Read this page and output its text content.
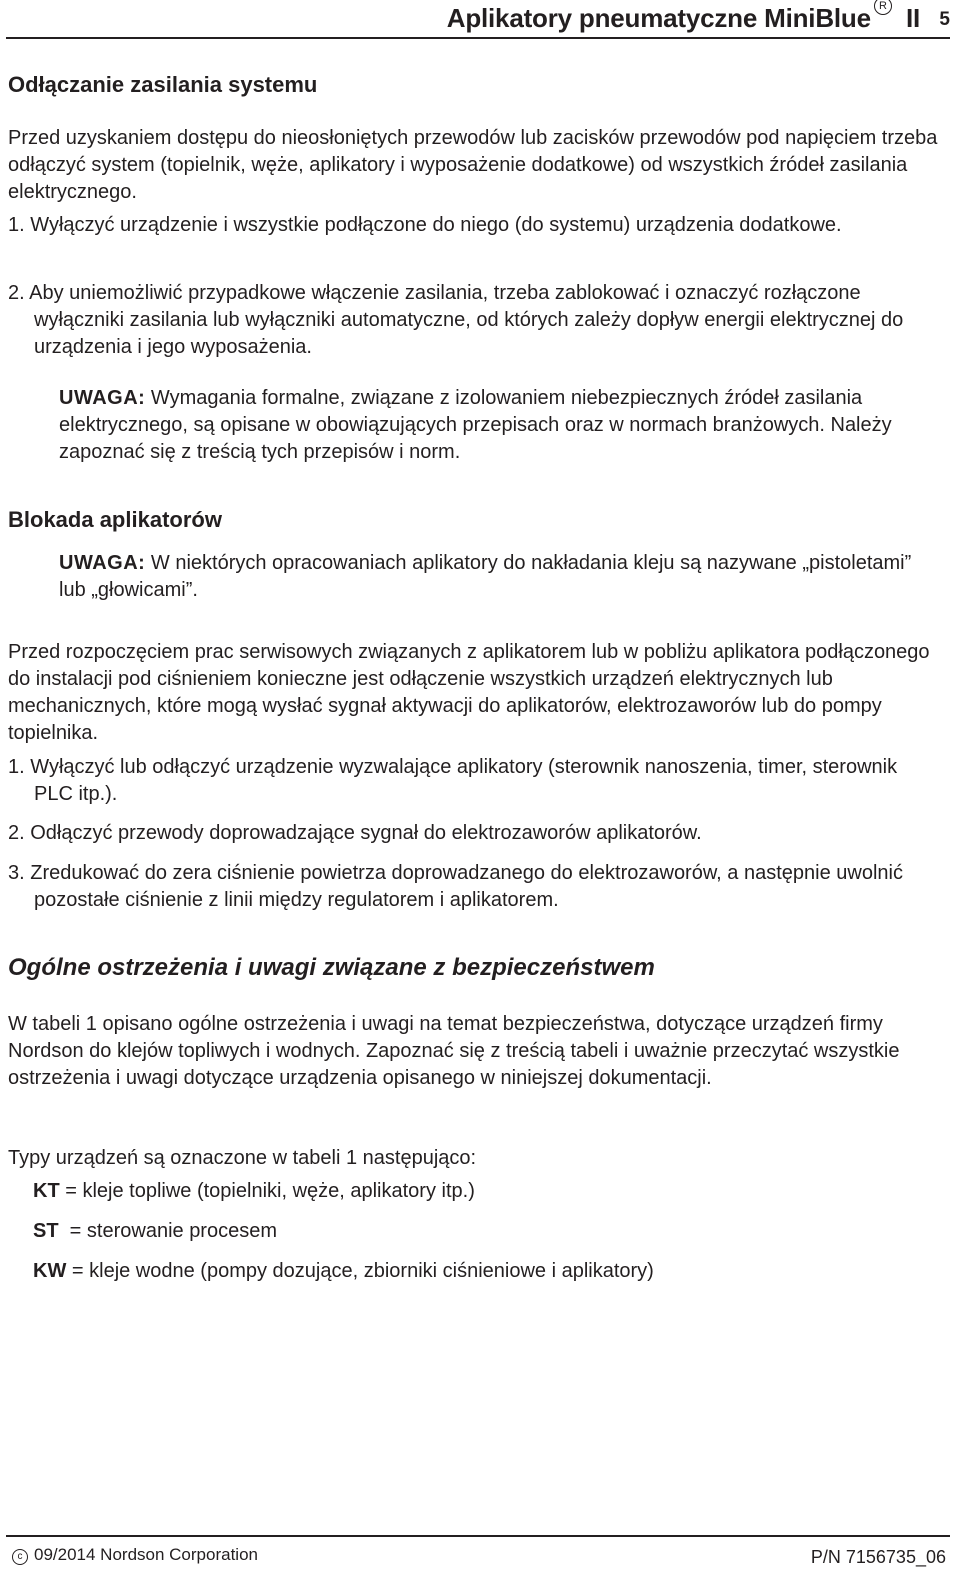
Aplikatory pneumatyczne MiniBlue R II 5
Odłączanie zasilania systemu

Przed uzyskaniem dostępu do nieosłoniętych przewodów lub zacisków przewodów pod napięciem trzeba odłączyć system (topielnik, węże, aplikatory i wyposażenie dodatkowe) od wszystkich źródeł zasilania elektrycznego.

1. Wyłączyć urządzenie i wszystkie podłączone do niego (do systemu) urządzenia dodatkowe.

2. Aby uniemożliwić przypadkowe włączenie zasilania, trzeba zablokować i oznaczyć rozłączone wyłączniki zasilania lub wyłączniki automatyczne, od których zależy dopływ energii elektrycznej do urządzenia i jego wyposażenia.

UWAGA: Wymagania formalne, związane z izolowaniem niebezpiecznych źródeł zasilania elektrycznego, są opisane w obowiązujących przepisach oraz w normach branżowych. Należy zapoznać się z treścią tych przepisów i norm.

Blokada aplikatorów

UWAGA: W niektórych opracowaniach aplikatory do nakładania kleju są nazywane „pistoletami” lub „głowicami”.

Przed rozpoczęciem prac serwisowych związanych z aplikatorem lub w pobliżu aplikatora podłączonego do instalacji pod ciśnieniem konieczne jest odłączenie wszystkich urządzeń elektrycznych lub mechanicznych, które mogą wysłać sygnał aktywacji do aplikatorów, elektrozaworów lub do pompy topielnika.

1. Wyłączyć lub odłączyć urządzenie wyzwalające aplikatory (sterownik nanoszenia, timer, sterownik PLC itp.).

2. Odłączyć przewody doprowadzające sygnał do elektrozaworów aplikatorów.

3. Zredukować do zera ciśnienie powietrza doprowadzanego do elektrozaworów, a następnie uwolnić pozostałe ciśnienie z linii między regulatorem i aplikatorem.

Ogólne ostrzeżenia i uwagi związane z bezpieczeństwem

W tabeli 1 opisano ogólne ostrzeżenia i uwagi na temat bezpieczeństwa, dotyczące urządzeń firmy Nordson do klejów topliwych i wodnych. Zapoznać się z treścią tabeli i uważnie przeczytać wszystkie ostrzeżenia i uwagi dotyczące urządzenia opisanego w niniejszej dokumentacji.

Typy urządzeń są oznaczone w tabeli 1 następująco:

KT = kleje topliwe (topielniki, węże, aplikatory itp.)
ST  = sterowanie procesem
KW = kleje wodne (pompy dozujące, zbiorniki ciśnieniowe i aplikatory)
c 09/2014 Nordson Corporation	P/N 7156735_06
